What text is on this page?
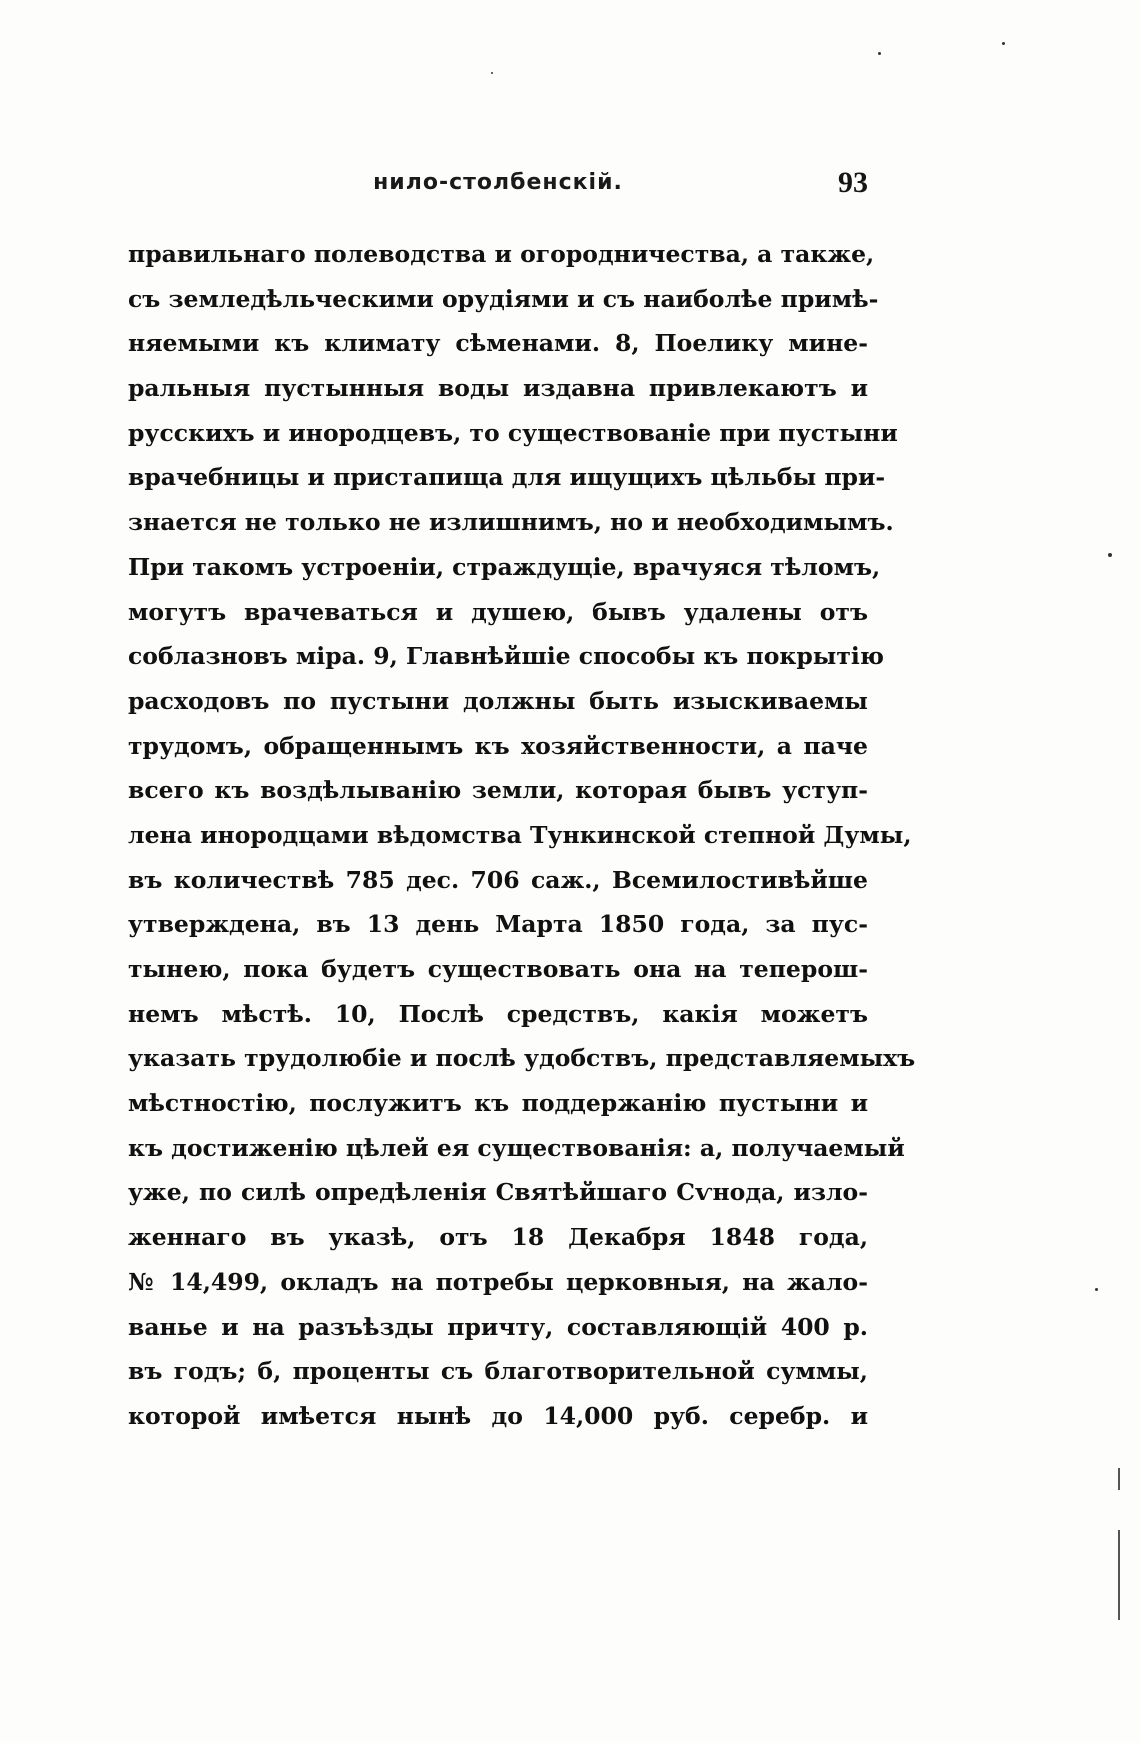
нило-столбенскій.	93
правильнаго полеводства и огородничества, а также,
съ земледѣльческими орудіями и съ наиболѣе примѣ-
няемыми къ климату сѣменами. 8, Поелику мине-
ральныя пустынныя воды издавна привлекаютъ и
русскихъ и инородцевъ, то существованіе при пустыни
врачебницы и пристапища для ищущихъ цѣльбы при-
знается не только не излишнимъ, но и необходимымъ.
При такомъ устроеніи, страждущіе, врачуяся тѣломъ,
могутъ врачеваться и душею, бывъ удалены отъ
соблазновъ міра. 9, Главнѣйшіе способы къ покрытію
расходовъ по пустыни должны быть изыскиваемы
трудомъ, обращеннымъ къ хозяйственности, а паче
всего къ воздѣлыванію земли, которая бывъ уступ-
лена инородцами вѣдомства Тункинской степной Думы,
въ количествѣ 785 дес. 706 саж., Всемилостивѣйше
утверждена, въ 13 день Марта 1850 года, за пус-
тынею, пока будетъ существовать она на теперош-
немъ мѣстѣ. 10, Послѣ средствъ, какія можетъ
указать трудолюбіе и послѣ удобствъ, представляемыхъ
мѣстностію, послужитъ къ поддержанію пустыни и
къ достиженію цѣлей ея существованія: а, получаемый
уже, по силѣ опредѣленія Святѣйшаго Сѵнода, изло-
женнаго въ указѣ, отъ 18 Декабря 1848 года,
№ 14,499, окладъ на потребы церковныя, на жало-
ванье и на разъѣзды причту, составляющій 400 р.
въ годъ; б, проценты съ благотворительной суммы,
которой имѣется нынѣ до 14,000 руб. серебр. и
